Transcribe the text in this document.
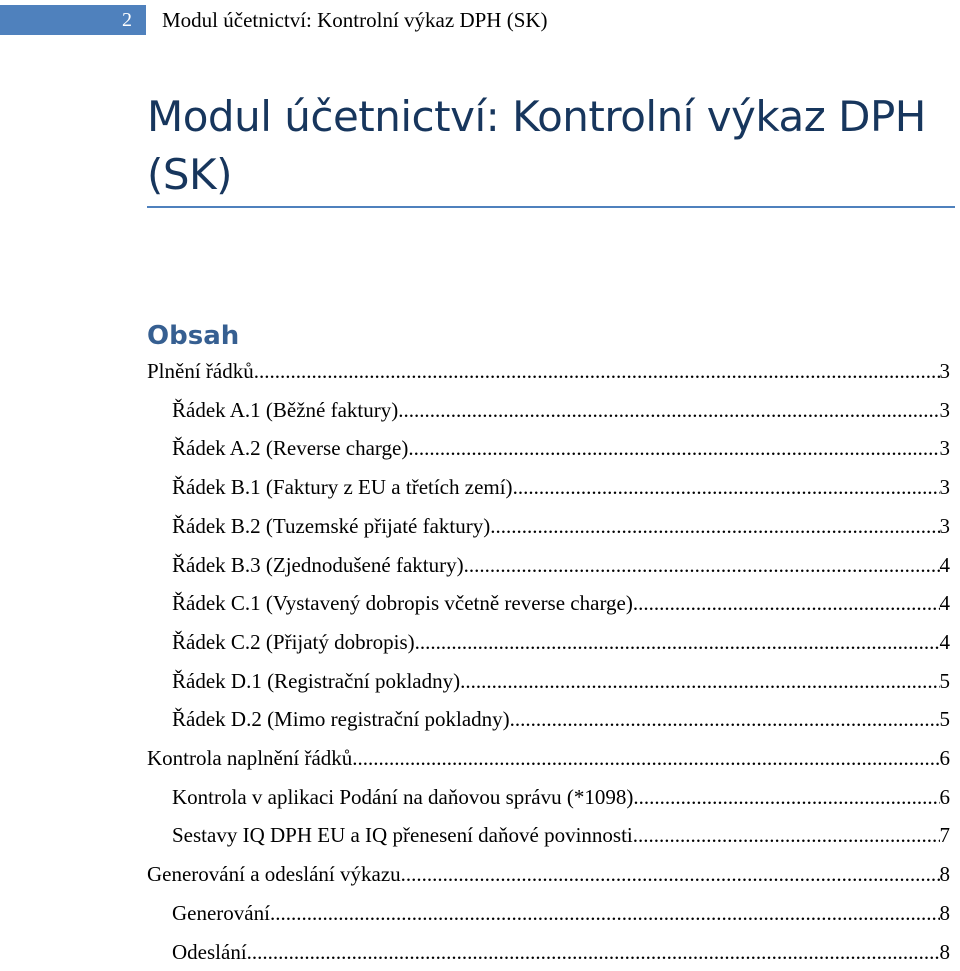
2	Modul účetnictví: Kontrolní výkaz DPH (SK)
Modul účetnictví: Kontrolní výkaz DPH (SK)
Obsah
Plnění řádků .....	3
Řádek A.1 (Běžné faktury) .....	3
Řádek A.2 (Reverse charge) .....	3
Řádek B.1 (Faktury z EU a třetích zemí) .....	3
Řádek B.2 (Tuzemské přijaté faktury) .....	3
Řádek B.3 (Zjednodušené faktury) .....	4
Řádek C.1 (Vystavený dobropis včetně reverse charge) .....	4
Řádek C.2 (Přijatý dobropis) .....	4
Řádek D.1 (Registrační pokladny) .....	5
Řádek D.2 (Mimo registrační pokladny) .....	5
Kontrola naplnění řádků .....	6
Kontrola v aplikaci Podání na daňovou správu (*1098) .....	6
Sestavy IQ DPH EU a IQ přenesení daňové povinnosti .....	7
Generování a odeslání výkazu .....	8
Generování .....	8
Odeslání .....	8
